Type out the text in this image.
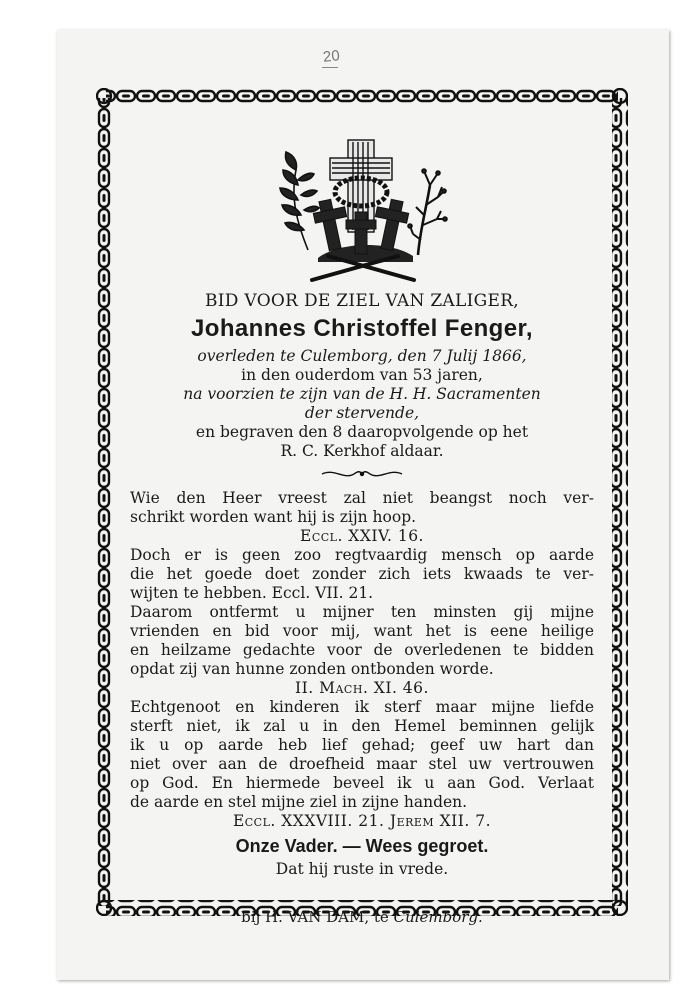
20
BID VOOR DE ZIEL VAN ZALIGER,
Johannes Christoffel Fenger,
overleden te Culemborg, den 7 Julij 1866,
in den ouderdom van 53 jaren,
na voorzien te zijn van de H. H. Sacramenten
der stervende,
en begraven den 8 daaropvolgende op het
R. C. Kerkhof aldaar.
Wie den Heer vreest zal niet beangst noch ver-
schrikt worden want hij is zijn hoop.
Eccl. XXIV. 16.
Doch er is geen zoo regtvaardig mensch op aarde
die het goede doet zonder zich iets kwaads te ver-
wijten te hebben. Eccl. VII. 21.
Daarom ontfermt u mijner ten minsten gij mijne
vrienden en bid voor mij, want het is eene heilige
en heilzame gedachte voor de overledenen te bidden
opdat zij van hunne zonden ontbonden worde.
II. Mach. XI. 46.
Echtgenoot en kinderen ik sterf maar mijne liefde
sterft niet, ik zal u in den Hemel beminnen gelijk
ik u op aarde heb lief gehad; geef uw hart dan
niet over aan de droefheid maar stel uw vertrouwen
op God. En hiermede beveel ik u aan God. Verlaat
de aarde en stel mijne ziel in zijne handen.
Eccl. XXXVIII. 21. Jerem XII. 7.
Onze Vader. — Wees gegroet.
Dat hij ruste in vrede.
bij H. VAN DAM, te Culemborg.
